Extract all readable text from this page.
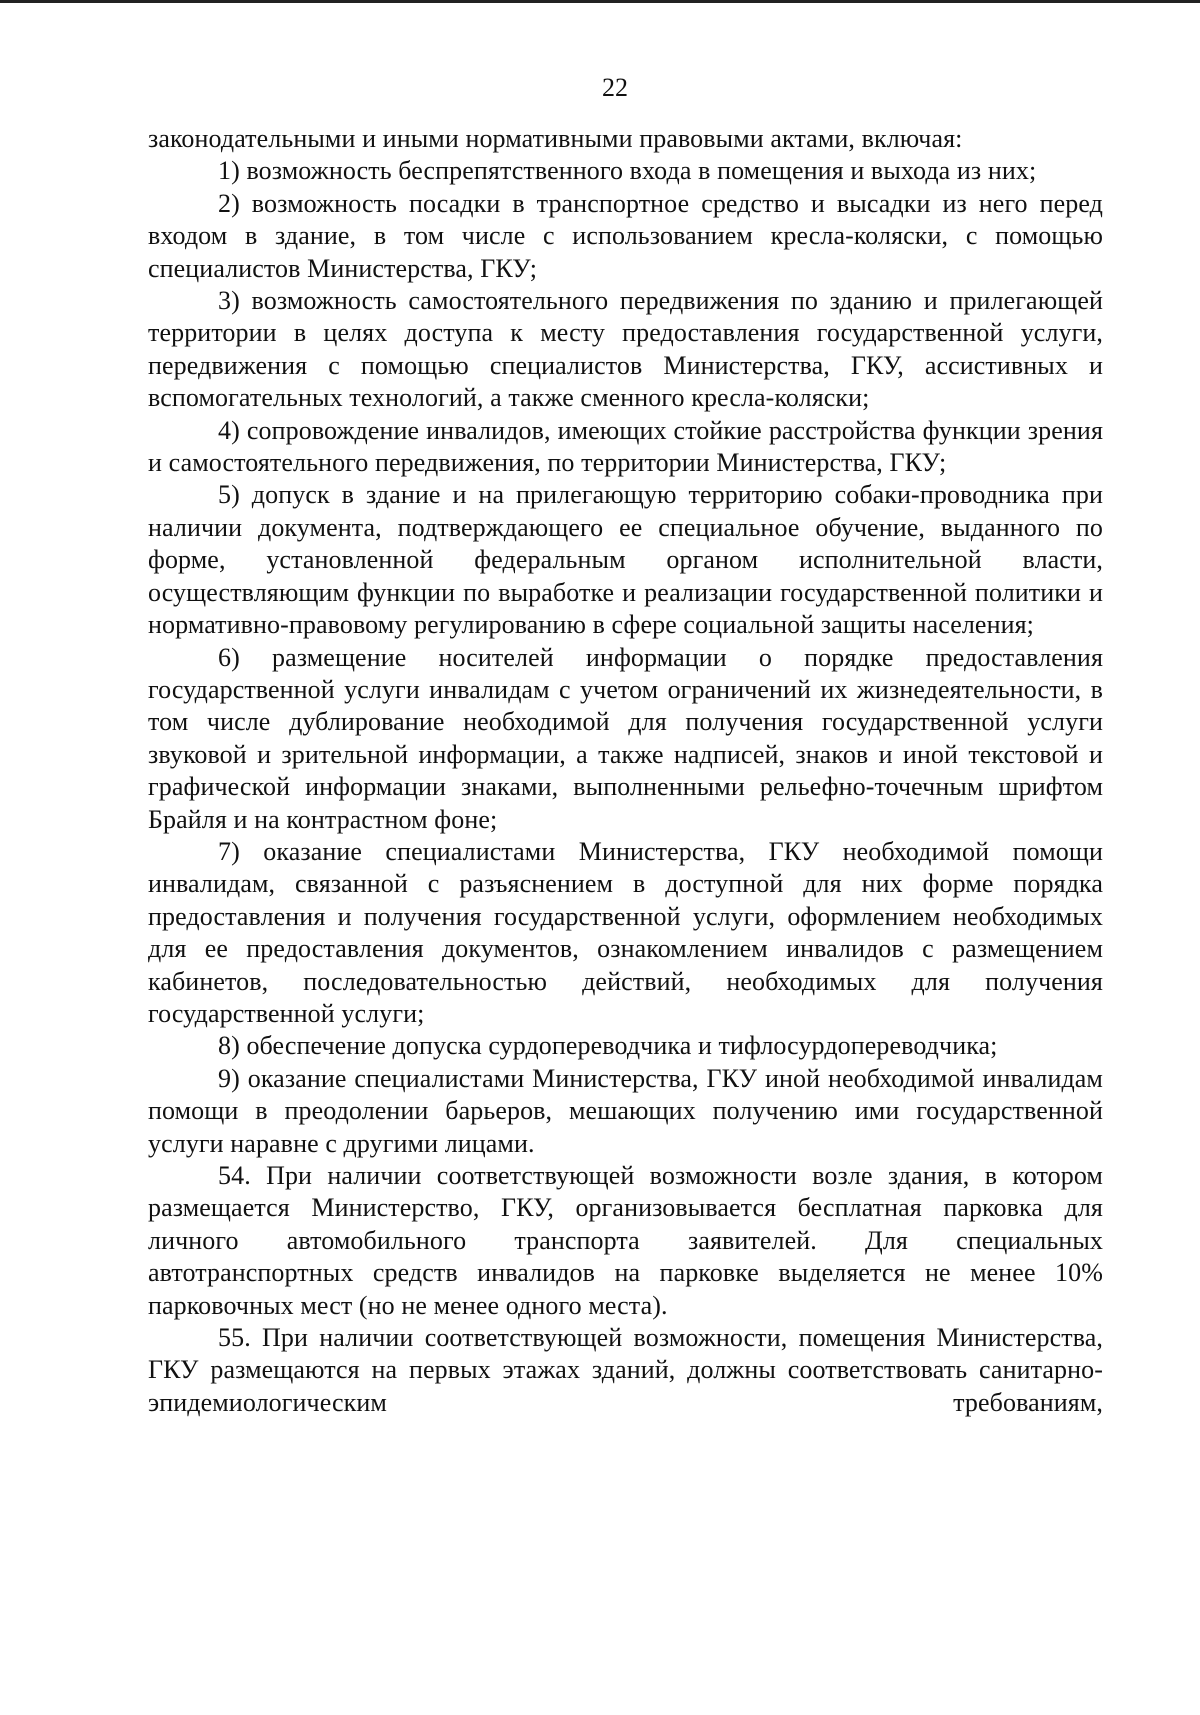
22

законодательными и иными нормативными правовыми актами, включая:

1) возможность беспрепятственного входа в помещения и выхода из них;

2) возможность посадки в транспортное средство и высадки из него перед входом в здание, в том числе с использованием кресла-коляски, с помощью специалистов Министерства, ГКУ;

3) возможность самостоятельного передвижения по зданию и прилегающей территории в целях доступа к месту предоставления государственной услуги, передвижения с помощью специалистов Министерства, ГКУ, ассистивных и вспомогательных технологий, а также сменного кресла-коляски;

4) сопровождение инвалидов, имеющих стойкие расстройства функции зрения и самостоятельного передвижения, по территории Министерства, ГКУ;

5) допуск в здание и на прилегающую территорию собаки-проводника при наличии документа, подтверждающего ее специальное обучение, выданного по форме, установленной федеральным органом исполнительной власти, осуществляющим функции по выработке и реализации государственной политики и нормативно-правовому регулированию в сфере социальной защиты населения;

6) размещение носителей информации о порядке предоставления государственной услуги инвалидам с учетом ограничений их жизнедеятельности, в том числе дублирование необходимой для получения государственной услуги звуковой и зрительной информации, а также надписей, знаков и иной текстовой и графической информации знаками, выполненными рельефно-точечным шрифтом Брайля и на контрастном фоне;

7) оказание специалистами Министерства, ГКУ необходимой помощи инвалидам, связанной с разъяснением в доступной для них форме порядка предоставления и получения государственной услуги, оформлением необходимых для ее предоставления документов, ознакомлением инвалидов с размещением кабинетов, последовательностью действий, необходимых для получения государственной услуги;

8) обеспечение допуска сурдопереводчика и тифлосурдопереводчика;

9) оказание специалистами Министерства, ГКУ иной необходимой инвалидам помощи в преодолении барьеров, мешающих получению ими государственной услуги наравне с другими лицами.

54. При наличии соответствующей возможности возле здания, в котором размещается Министерство, ГКУ, организовывается бесплатная парковка для личного автомобильного транспорта заявителей. Для специальных автотранспортных средств инвалидов на парковке выделяется не менее 10% парковочных мест (но не менее одного места).

55. При наличии соответствующей возможности, помещения Министерства, ГКУ размещаются на первых этажах зданий, должны соответствовать санитарно-эпидемиологическим требованиям,
